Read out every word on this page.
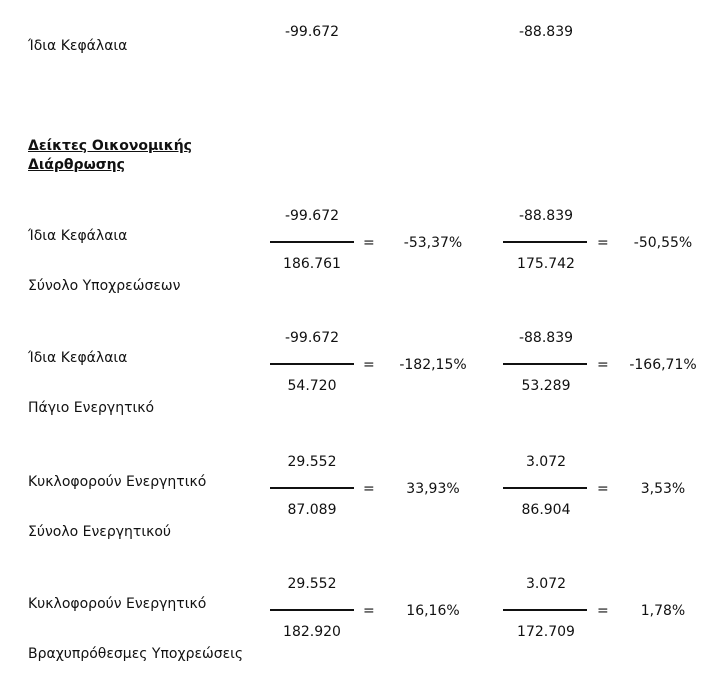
Ίδια Κεφάλαια
-99.672	-88.839
Δείκτες Οικονομικής
Διάρθρωσης
Ίδια Κεφάλαια
Σύνολο Υποχρεώσεων
-99.672
=
186.761
-53,37%
-88.839
=
175.742
-50,55%
Ίδια Κεφάλαια
Πάγιο Ενεργητικό
-99.672
=
54.720
-182,15%
-88.839
=
53.289
-166,71%
Κυκλοφορούν Ενεργητικό
Σύνολο Ενεργητικού
29.552
=
87.089
33,93%
3.072
=
86.904
3,53%
Κυκλοφορούν Ενεργητικό
Βραχυπρόθεσμες Υποχρεώσεις
29.552
=
182.920
16,16%
3.072
=
172.709
1,78%
